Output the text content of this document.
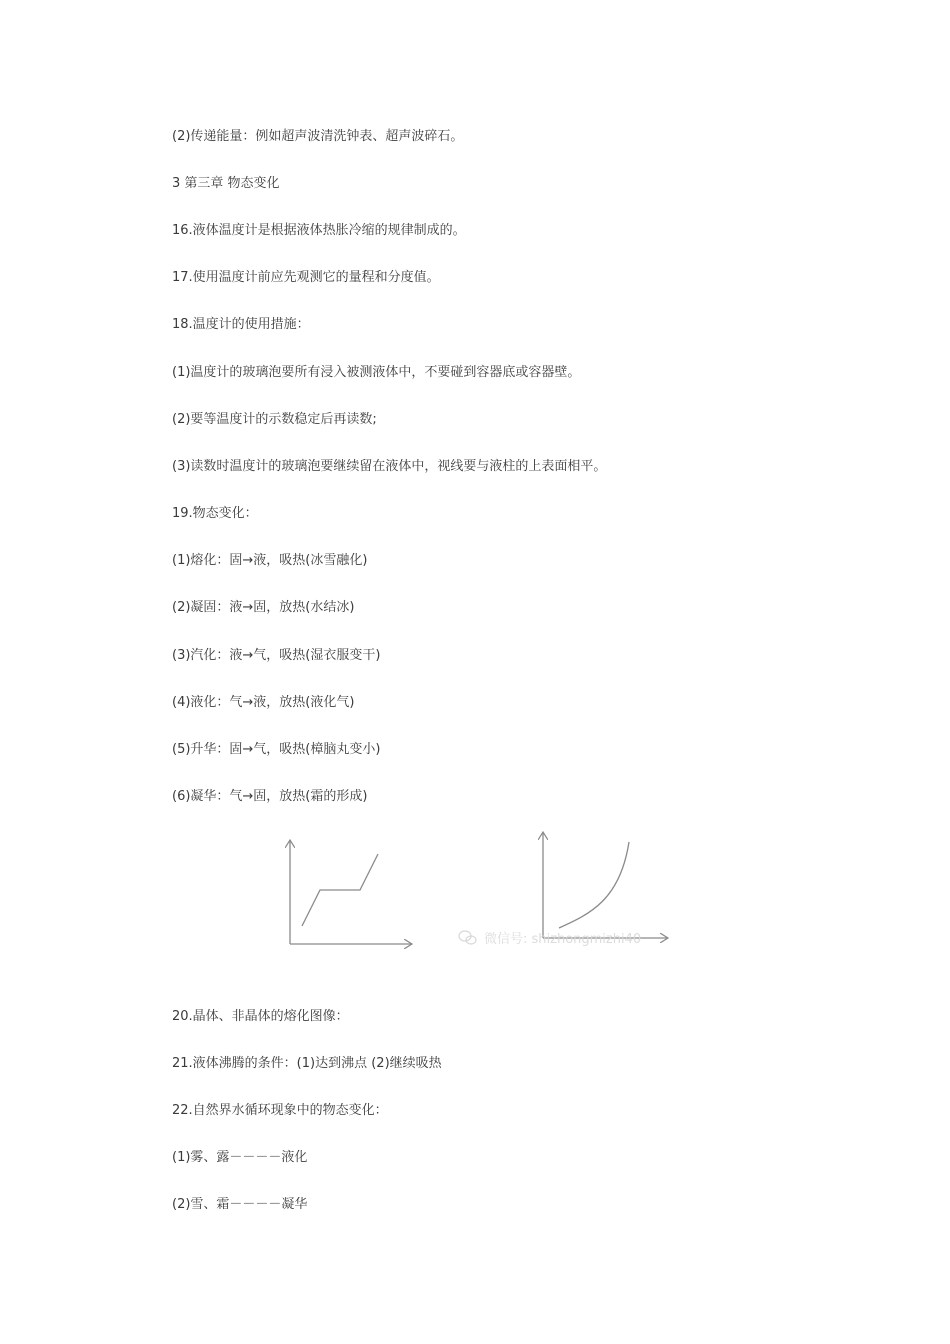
(2)传递能量：例如超声波清洗钟表、超声波碎石。
3 第三章 物态变化
16.液体温度计是根据液体热胀冷缩的规律制成的。
17.使用温度计前应先观测它的量程和分度值。
18.温度计的使用措施：
(1)温度计的玻璃泡要所有浸入被测液体中，不要碰到容器底或容器壁。
(2)要等温度计的示数稳定后再读数;
(3)读数时温度计的玻璃泡要继续留在液体中，视线要与液柱的上表面相平。
19.物态变化：
(1)熔化：固→液，吸热(冰雪融化)
(2)凝固：液→固，放热(水结冰)
(3)汽化：液→气，吸热(湿衣服变干)
(4)液化：气→液，放热(液化气)
(5)升华：固→气，吸热(樟脑丸变小)
(6)凝华：气→固，放热(霜的形成)
微信号: shizhongmizhi40
20.晶体、非晶体的熔化图像：
21.液体沸腾的条件：(1)达到沸点 (2)继续吸热
22.自然界水循环现象中的物态变化：
(1)雾、露－－－－液化
(2)雪、霜－－－－凝华
